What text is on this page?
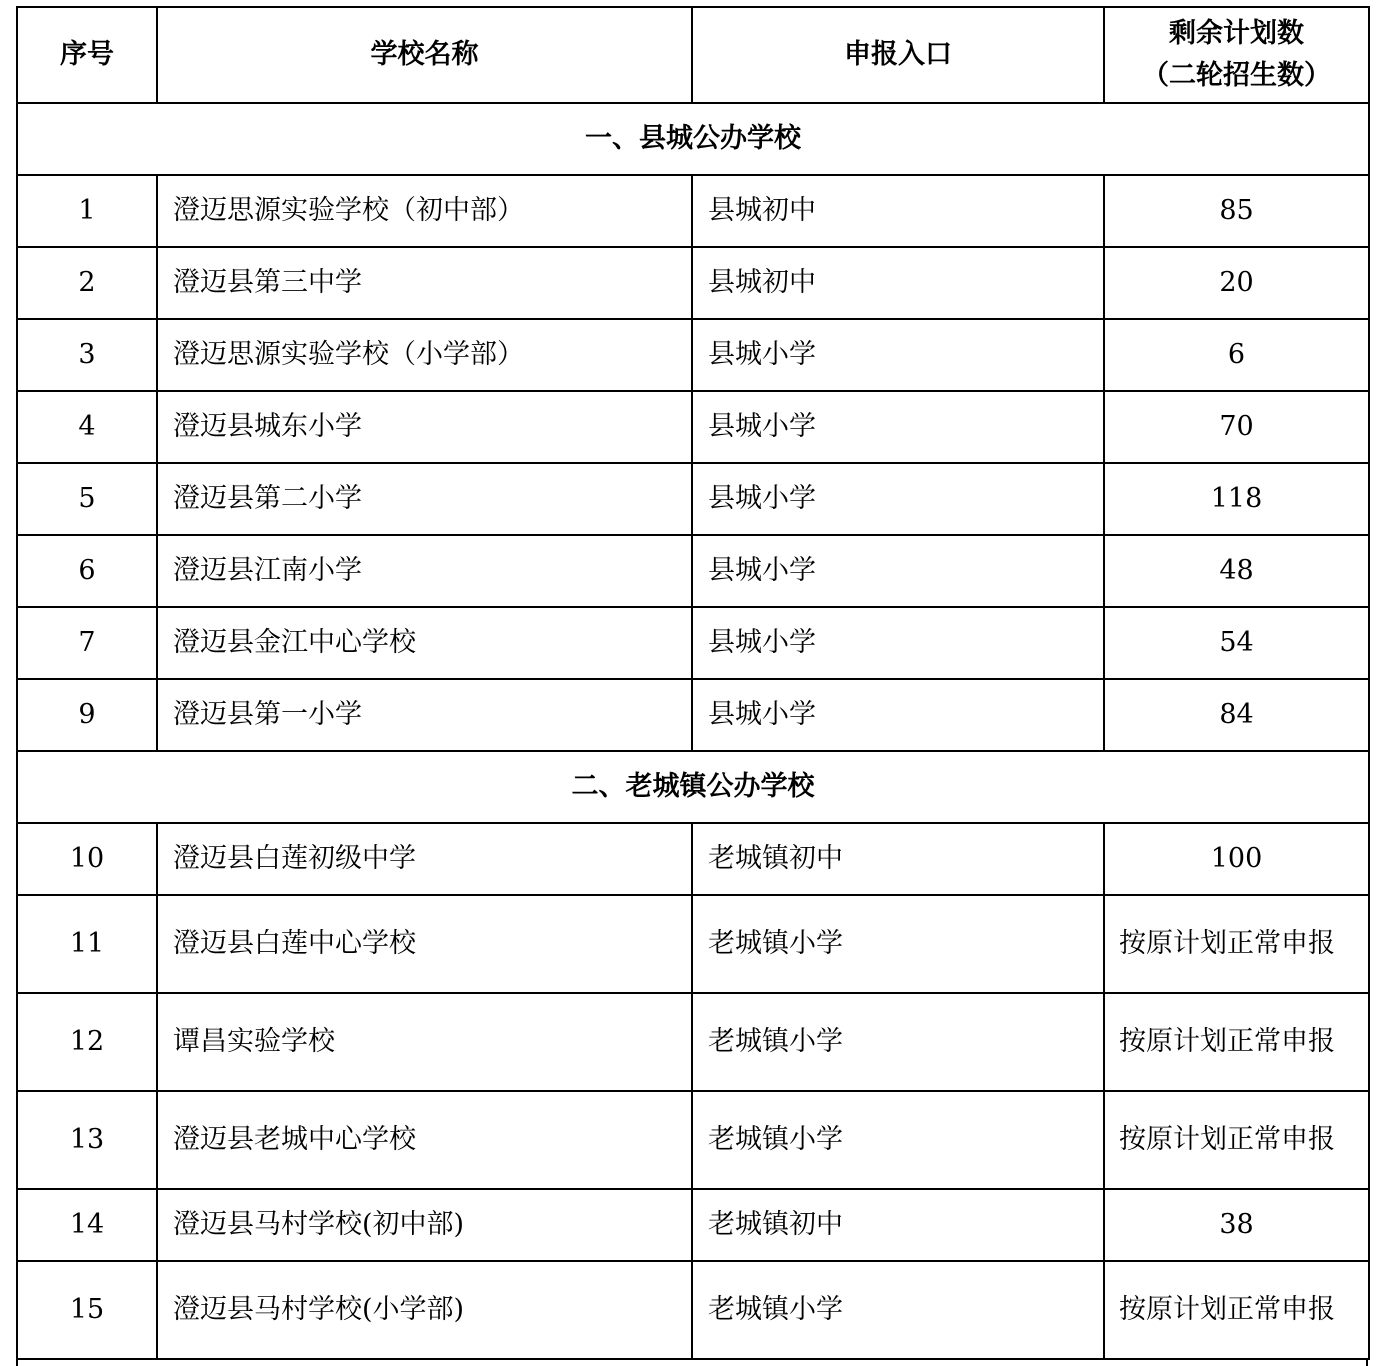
序号	学校名称	申报入口	剩余计划数
（二轮招生数）

一、县城公办学校			
1	澄迈思源实验学校（初中部）	县城初中	85
2	澄迈县第三中学	县城初中	20
3	澄迈思源实验学校（小学部）	县城小学	6
4	澄迈县城东小学	县城小学	70
5	澄迈县第二小学	县城小学	118
6	澄迈县江南小学	县城小学	48
7	澄迈县金江中心学校	县城小学	54
9	澄迈县第一小学	县城小学	84
二、老城镇公办学校			
10	澄迈县白莲初级中学	老城镇初中	100
11	澄迈县白莲中心学校	老城镇小学	按原计划正常申报
12	谭昌实验学校	老城镇小学	按原计划正常申报
13	澄迈县老城中心学校	老城镇小学	按原计划正常申报
14	澄迈县马村学校(初中部)	老城镇初中	38
15	澄迈县马村学校(小学部)	老城镇小学	按原计划正常申报
